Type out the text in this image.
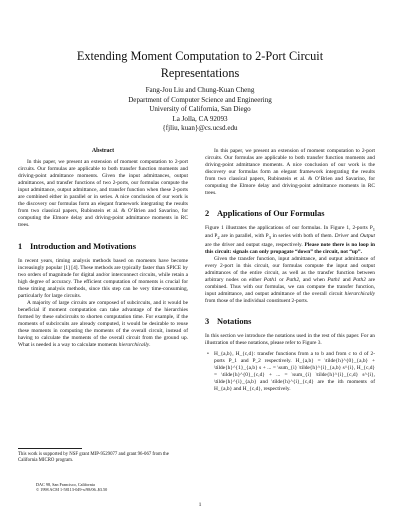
Extending Moment Computation to 2-Port Circuit
Representations
Fang-Jou Liu and Chung-Kuan Cheng
Department of Computer Science and Engineering
University of California, San Diego
La Jolla, CA 92093
{fjliu, kuan}@cs.ucsd.edu
Abstract

In this paper, we present an extension of moment computation to 2-port circuits. Our formulas are applicable to both transfer function moments and driving-point admittance moments. Given the input admittances, output admittances, and transfer functions of two 2-ports, our formulas compute the input admittance, output admittance, and transfer function when these 2-ports are combined either in parallel or in series. A nice conclusion of our work is the discovery our formulas form an elegant framework integrating the results from two classical papers, Rubinstein et al. & O’Brien and Savarino, for computing the Elmore delay and driving-point admittance moments in RC trees.

1 Introduction and Motivations

In recent years, timing analysis methods based on moments have become increasingly popular [1] [4]. These methods are typically faster than SPICE by two orders of magnitude for digital and/or interconnect circuits, while retain a high degree of accuracy. The efficient computation of moments is crucial for these timing analysis methods, since this step can be very time-consuming, particularly for large circuits.

A majority of large circuits are composed of subcircuits, and it would be beneficial if moment computation can take advantage of the hierarchies formed by these subcircuits to shorten computation time. For example, if the moments of subcircuits are already computed, it would be desirable to reuse these moments in computing the moments of the overall circuit, instead of having to calculate the moments of the overall circuit from the ground up. What is needed is a way to calculate moments hierarchically.

This work is supported by NSF grant MIP-9529077 and grant 96-067 from the California MICRO program.
DAC 98, San Francisco, California
© 1998 ACM 1-58113-049-x/98/06..$3.50

In this paper, we present an extension of moment computation to 2-port circuits. Our formulas are applicable to both transfer function moments and driving-point admittance moments. A nice conclusion of our work is the discovery our formulas form an elegant framework integrating the results from two classical papers, Rubinstein et al. & O’Brien and Savarino, for computing the Elmore delay and driving-point admittance moments in RC trees.

2 Applications of Our Formulas

Figure 1 illustrates the applications of our formulas. In Figure 1, 2-ports $P_1$ and $P_2$ are in parallel, with $P_3$ in series with both of them. Driver and Output are the driver and output stage, respectively. Please note there is no loop in this circuit: signals can only propagate “down” the circuit, not “up”.

Given the transfer function, input admittance, and output admittance of every 2-port in this circuit, our formulas compute the input and output admittances of the entire circuit, as well as the transfer function between arbitrary nodes on either Path1 or Path2, and when Path1 and Path2 are combined. Thus with our formulas, we can compute the transfer function, input admittance, and output admittance of the overall circuit hierarchically from those of the individual constituent 2-ports.

3 Notations

In this section we introduce the notations used in the rest of this paper. For an illustration of these notations, please refer to Figure 3.

• H_{a,b}, H_{c,d}: transfer functions from a to b and from c to d of 2-ports P_1 and P_2 respectively. H_{a,b} = \tilde{h}^{0}_{a,b} + \tilde{h}^{1}_{a,b} s + ... = \sum_{i} \tilde{h}^{i}_{a,b} s^{i}, H_{c,d} = \tilde{h}^{0}_{c,d} + ... = \sum_{i} \tilde{h}^{i}_{c,d} s^{i}, \tilde{h}^{i}_{a,b} and \tilde{h}^{i}_{c,d} are the ith moments of H_{a,b} and H_{c,d}, respectively.
1
